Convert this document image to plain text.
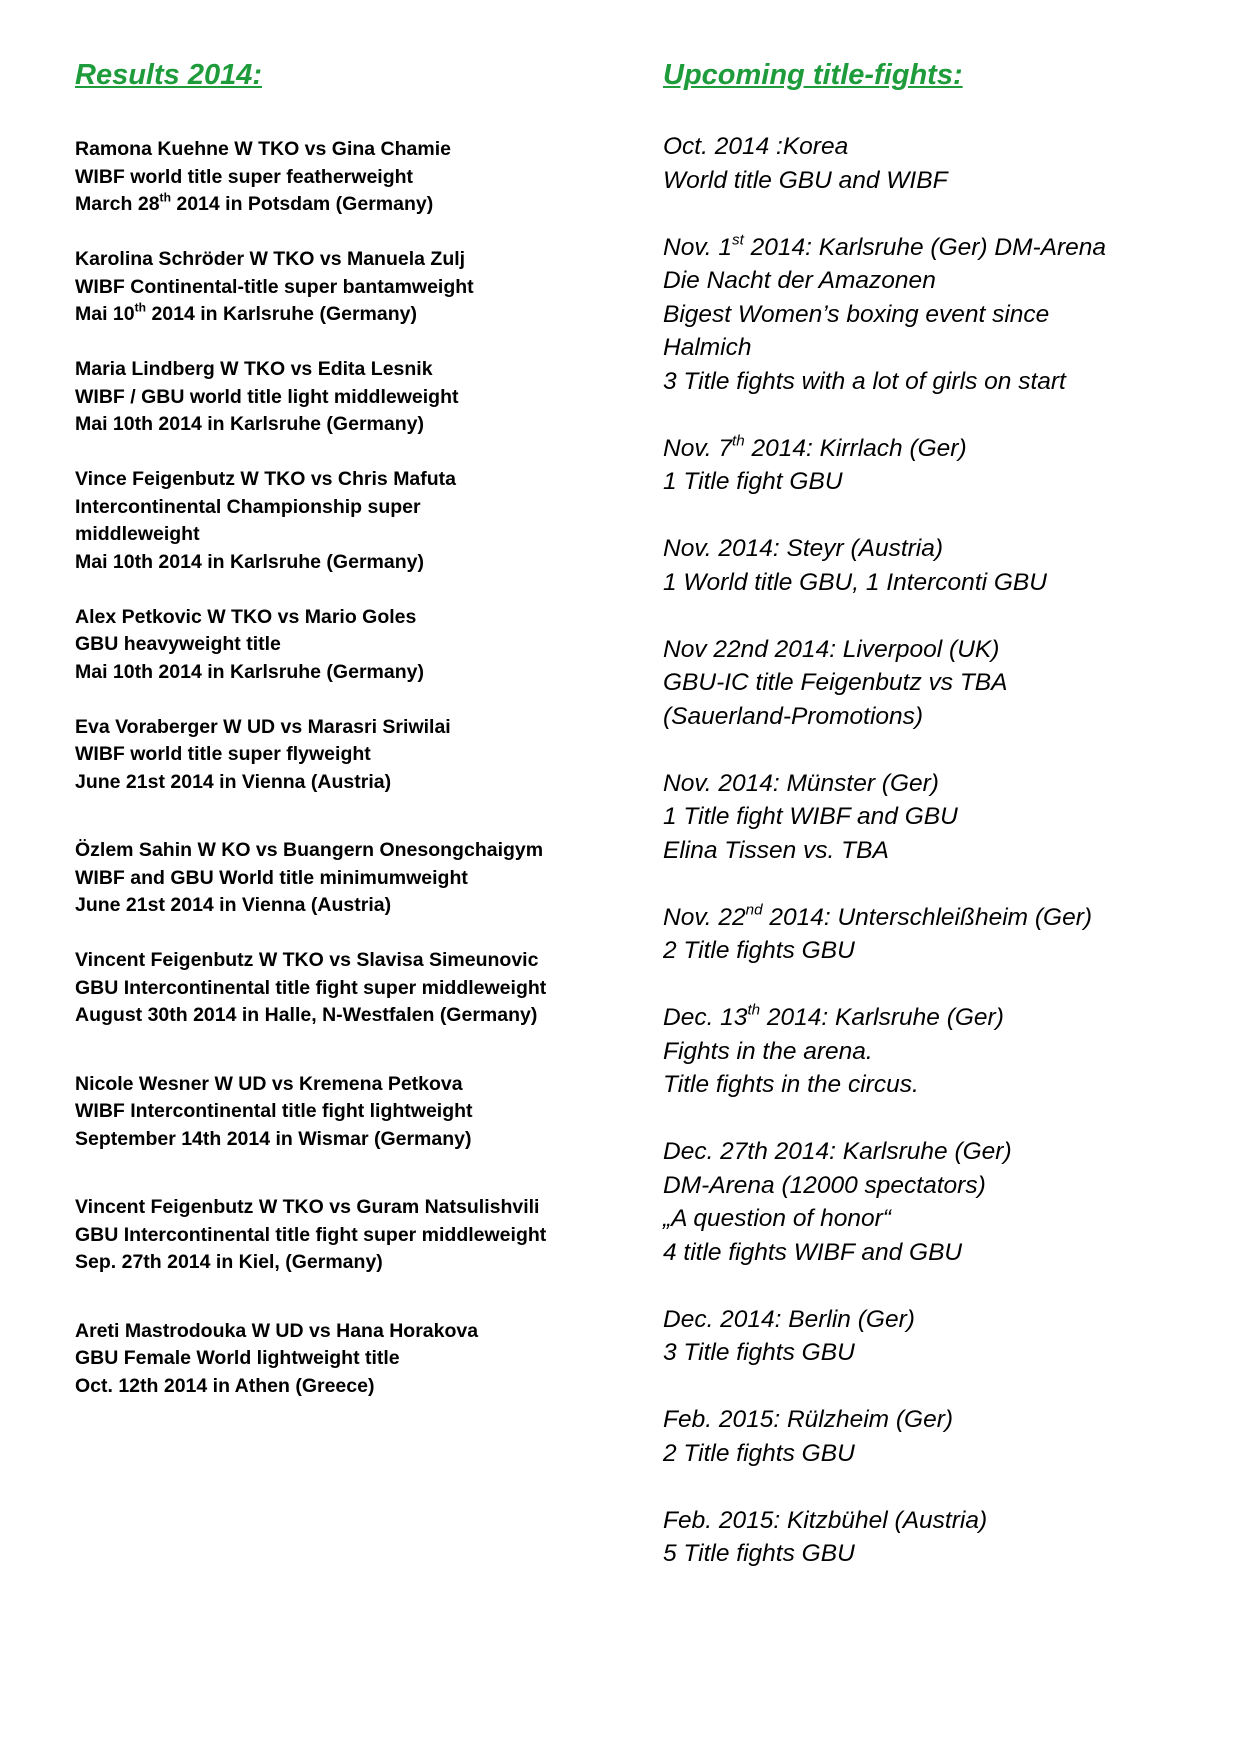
Results 2014:

Ramona Kuehne W TKO vs Gina Chamie
WIBF world title super featherweight
March 28th 2014 in Potsdam (Germany)

Karolina Schröder W TKO vs Manuela Zulj
WIBF Continental-title super bantamweight
Mai 10th 2014 in Karlsruhe (Germany)

Maria Lindberg W TKO vs Edita Lesnik
WIBF / GBU world title light middleweight
Mai 10th 2014 in Karlsruhe (Germany)

Vince Feigenbutz W TKO vs Chris Mafuta
Intercontinental Championship super middleweight
Mai 10th 2014 in Karlsruhe (Germany)

Alex Petkovic W TKO vs Mario Goles
GBU heavyweight title
Mai 10th 2014 in Karlsruhe (Germany)

Eva Voraberger W UD vs Marasri Sriwilai
WIBF world title super flyweight
June 21st 2014 in Vienna (Austria)

Özlem Sahin W KO vs Buangern Onesongchaigym
WIBF and GBU World title minimumweight
June 21st 2014 in Vienna (Austria)

Vincent Feigenbutz W TKO vs Slavisa Simeunovic
GBU Intercontinental title fight super middleweight
August 30th 2014 in Halle, N-Westfalen (Germany)

Nicole Wesner W UD vs Kremena Petkova
WIBF Intercontinental title fight lightweight
September 14th 2014 in Wismar (Germany)

Vincent Feigenbutz W TKO vs Guram Natsulishvili
GBU Intercontinental title fight super middleweight
Sep. 27th 2014 in Kiel, (Germany)

Areti Mastrodouka W UD vs Hana Horakova
GBU Female World lightweight title
Oct. 12th 2014 in Athen (Greece)

Upcoming title-fights:
Oct. 2014 :Korea
World title GBU and WIBF
Nov. 1st 2014: Karlsruhe (Ger) DM-Arena
Die Nacht der Amazonen
Bigest Women’s boxing event since
Halmich
3 Title fights with a lot of girls on start
Nov. 7th 2014: Kirrlach (Ger)
1 Title fight GBU
Nov. 2014: Steyr (Austria)
1 World title GBU, 1 Interconti GBU
Nov 22nd 2014: Liverpool (UK)
GBU-IC title Feigenbutz vs TBA
(Sauerland-Promotions)
Nov. 2014: Münster (Ger)
1 Title fight WIBF and GBU
Elina Tissen vs. TBA
Nov. 22nd 2014: Unterschleißheim (Ger)
2 Title fights GBU
Dec. 13th 2014: Karlsruhe (Ger)
Fights in the arena.
Title fights in the circus.
Dec. 27th 2014: Karlsruhe (Ger)
DM-Arena (12000 spectators)
„A question of honor“
4 title fights WIBF and GBU
Dec. 2014: Berlin (Ger)
3 Title fights GBU
Feb. 2015: Rülzheim (Ger)
2 Title fights GBU
Feb. 2015: Kitzbühel (Austria)
5 Title fights GBU
